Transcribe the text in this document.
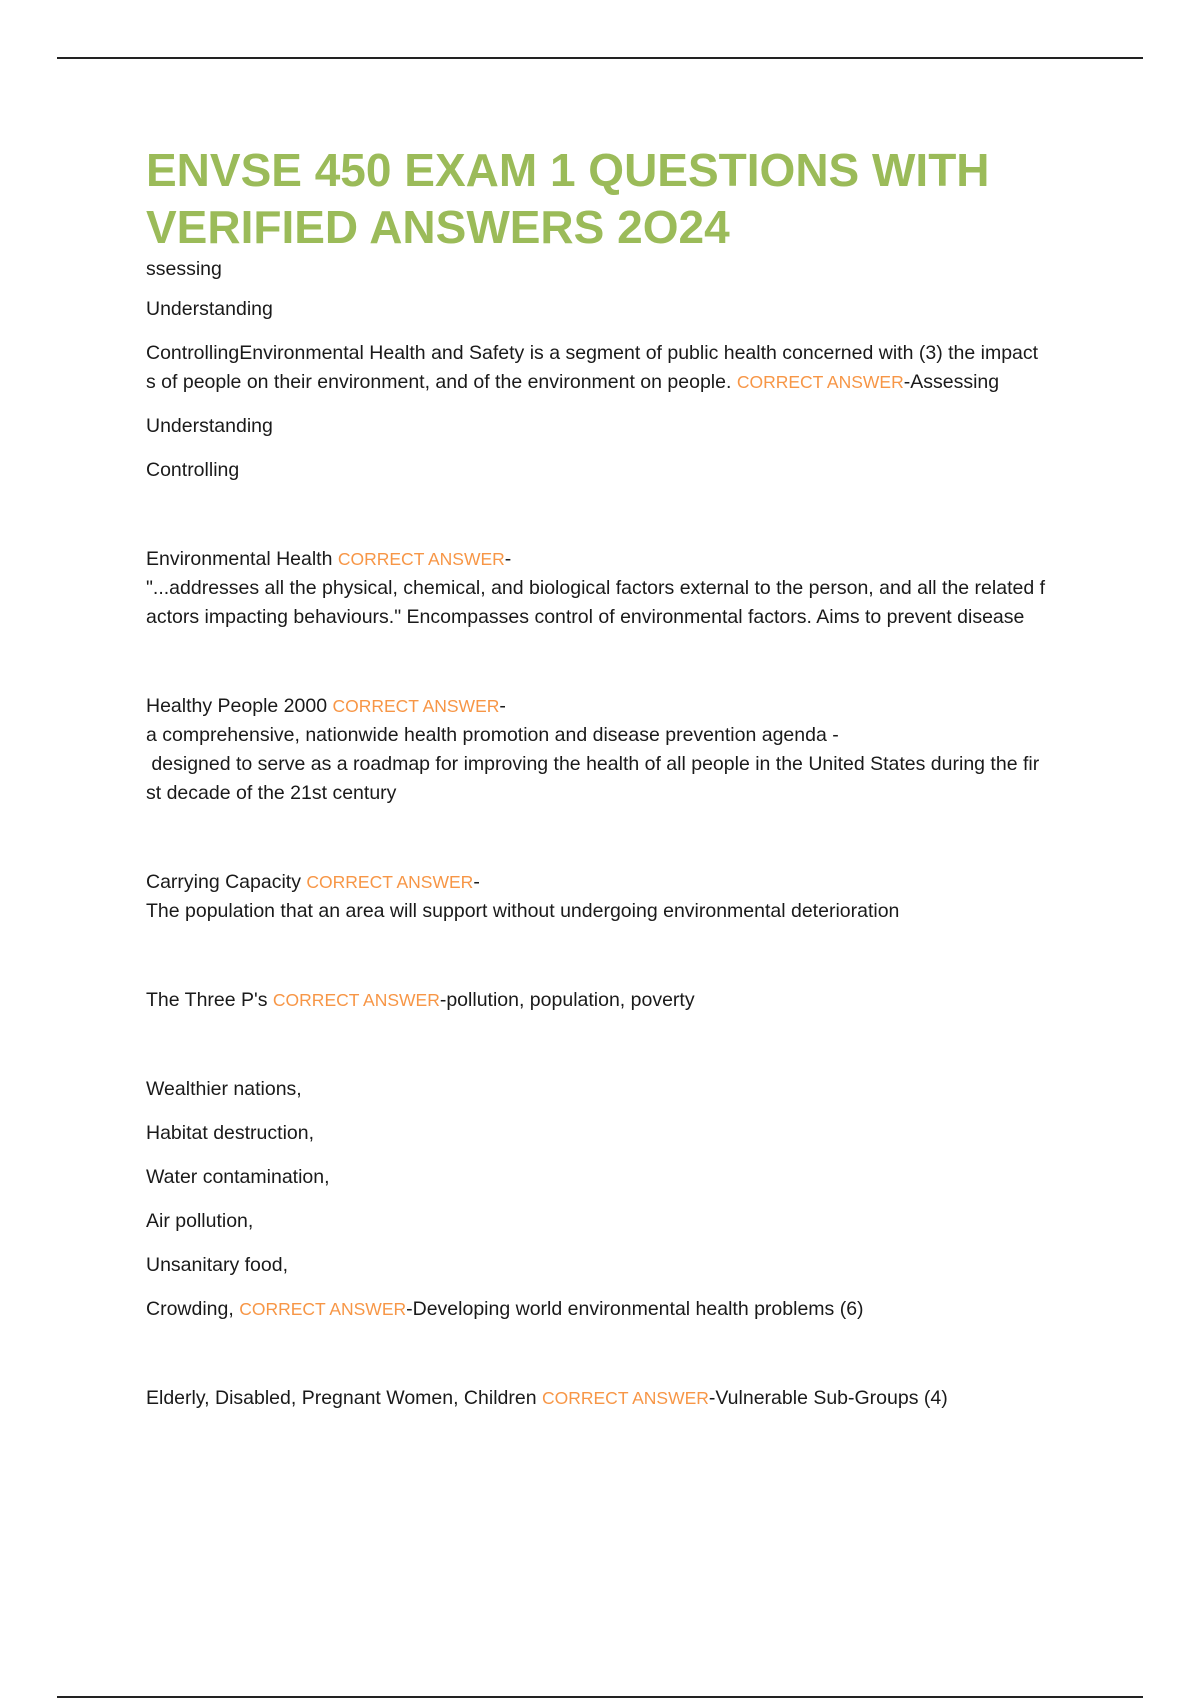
ENVSE 450 EXAM 1 QUESTIONS WITH
VERIFIED ANSWERS 2O24
ssessing
Understanding
ControllingEnvironmental Health and Safety is a segment of public health concerned with (3) the impact
s of people on their environment, and of the environment on people. CORRECT ANSWER-Assessing
Understanding
Controlling
Environmental Health CORRECT ANSWER-
"...addresses all the physical, chemical, and biological factors external to the person, and all the related f
actors impacting behaviours." Encompasses control of environmental factors. Aims to prevent disease
Healthy People 2000 CORRECT ANSWER-
a comprehensive, nationwide health promotion and disease prevention agenda -
designed to serve as a roadmap for improving the health of all people in the United States during the fir
st decade of the 21st century
Carrying Capacity CORRECT ANSWER-
The population that an area will support without undergoing environmental deterioration
The Three P's CORRECT ANSWER-pollution, population, poverty
Wealthier nations,
Habitat destruction,
Water contamination,
Air pollution,
Unsanitary food,
Crowding, CORRECT ANSWER-Developing world environmental health problems (6)
Elderly, Disabled, Pregnant Women, Children CORRECT ANSWER-Vulnerable Sub-Groups (4)
